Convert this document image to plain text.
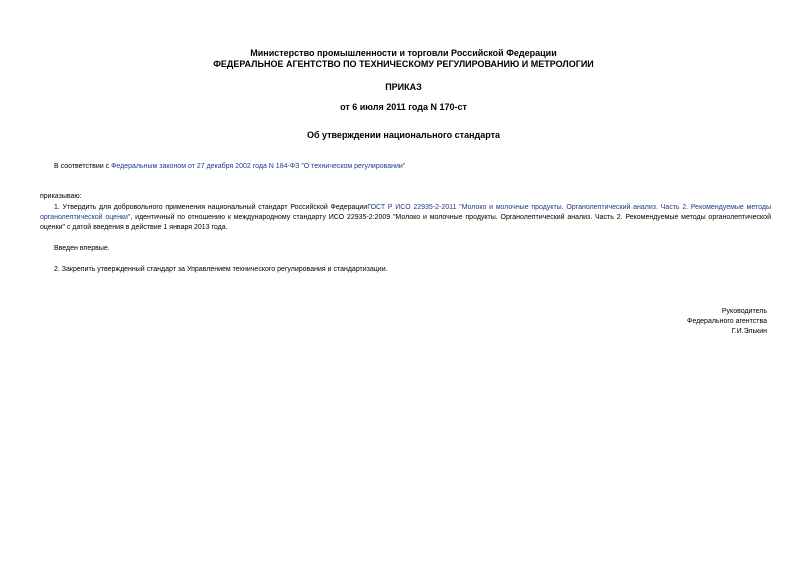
Министерство промышленности и торговли Российской Федерации
ФЕДЕРАЛЬНОЕ АГЕНТСТВО ПО ТЕХНИЧЕСКОМУ РЕГУЛИРОВАНИЮ И МЕТРОЛОГИИ
ПРИКАЗ
от 6 июля 2011 года N 170-ст
Об утверждении национального стандарта
В соответствии с Федеральным законом от 27 декабря 2002 года N 184-ФЗ "О техническом регулировании"
приказываю:
1. Утвердить для добровольного применения национальный стандарт Российской ФедерацииГОСТ Р ИСО 22935-2-2011 "Молоко и молочные продукты. Органолептический анализ. Часть 2. Рекомендуемые методы органолептической оценки", идентичный по отношению к международному стандарту ИСО 22935-2:2009 "Молоко и молочные продукты. Органолептический анализ. Часть 2. Рекомендуемые методы органолептической оценки" с датой введения в действие 1 января 2013 года.
Введен впервые.
2. Закрепить утвержденный стандарт за Управлением технического регулирования и стандартизации.
Руководитель
Федерального агентства
Г.И.Элькин
